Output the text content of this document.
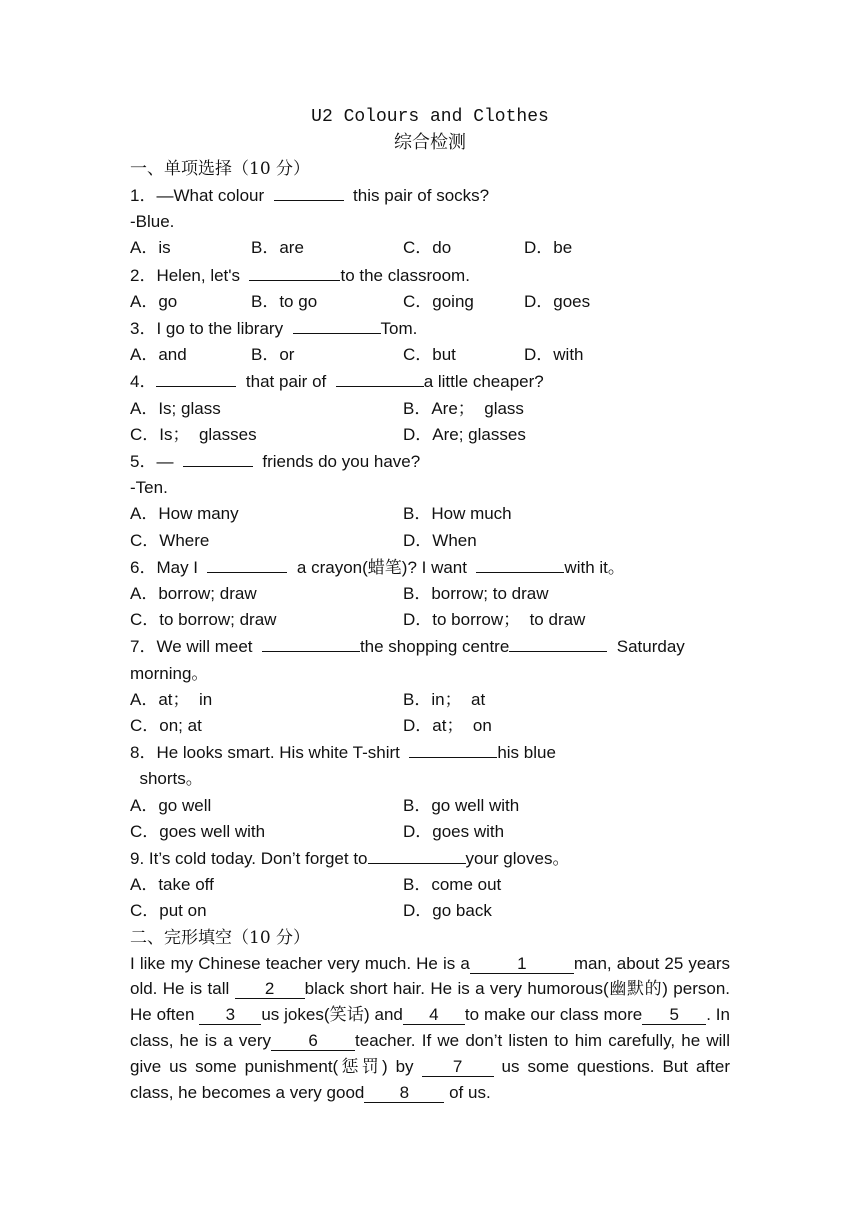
U2 Colours and Clothes
综合检测
一、单项选择（10 分）
1．—What colour	this pair of socks?
-Blue.
A．is	B．are	C．do	D．be
2．Helen, let's	to the classroom.
A．go	B．to go	C．going	D．goes
3．I go to the library	Tom.
A．and	B．or	C．but	D．with
4．	that pair of	a little cheaper?
A．Is; glass	B．Are；  glass
C．Is；  glasses	D．Are; glasses
5．—	friends do you have?
-Ten.
A．How many	B．How much
C．Where	D．When
6．May I	a crayon(蜡笔)? I want	with it。
A．borrow; draw	B．borrow; to draw
C．to borrow; draw	D．to borrow；  to draw
7．We will meet	the shopping centre	Saturday
morning。
A．at；  in	B．in；  at
C．on; at	D．at；  on
8．He looks smart. His white T-shirt	his blue
shorts。
A．go well	B．go well with
C．goes well with	D．goes with
9. It’s cold today. Don’t forget to	your gloves。
A．take off	B．come out
C．put on	D．go back
二、完形填空（10 分）
I like my Chinese teacher very much. He is a	1	man, about 25 years old. He is tall 2 black short hair. He is a very humorous(幽默的) person. He often 3 us jokes(笑话) and 4 to make our class more 5 . In class, he is a very 6 teacher. If we don’t listen to him carefully, he will give us some punishment(惩罚) by 7 us some questions. But after class, he becomes a very good 8 of us.
